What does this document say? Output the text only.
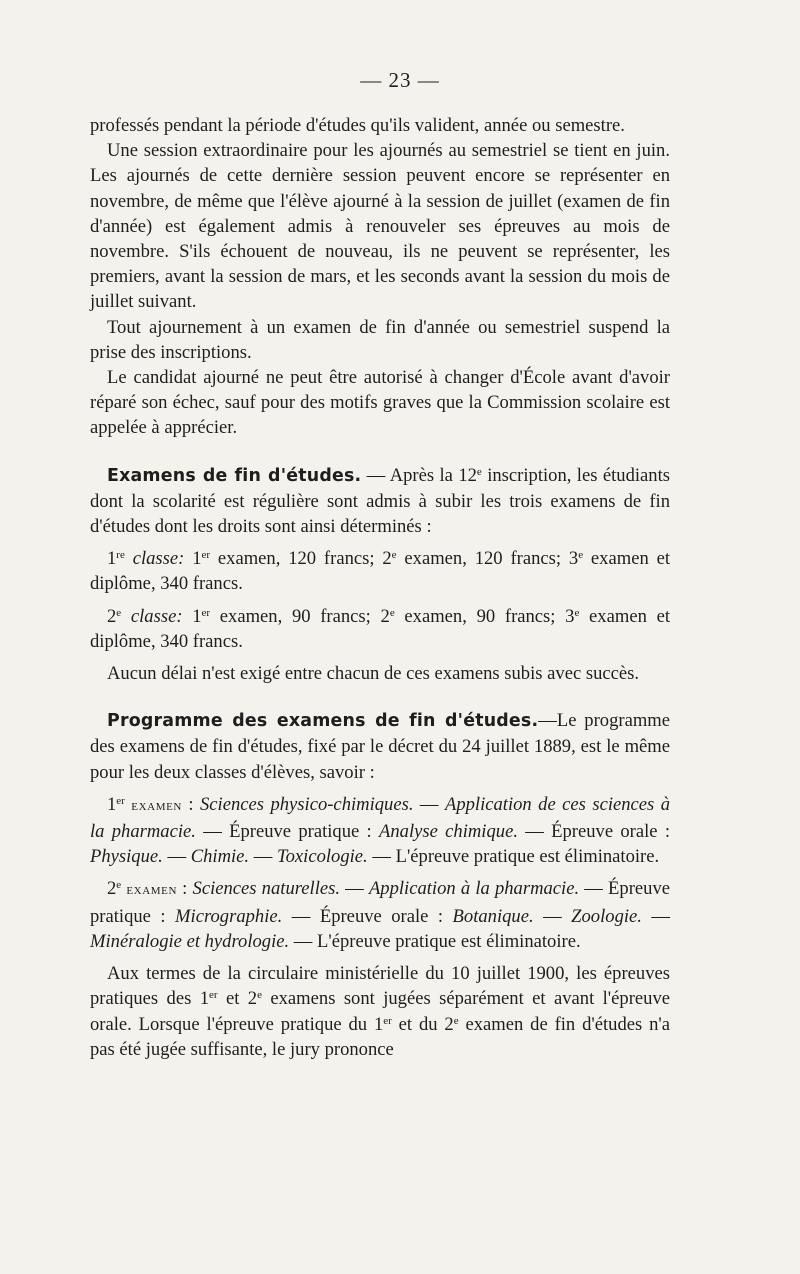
— 23 —

professés pendant la période d'études qu'ils valident, année ou semestre.

Une session extraordinaire pour les ajournés au semestriel se tient en juin. Les ajournés de cette dernière session peuvent encore se représenter en novembre, de même que l'élève ajourné à la session de juillet (examen de fin d'année) est également admis à renouveler ses épreuves au mois de novembre. S'ils échouent de nouveau, ils ne peuvent se représenter, les premiers, avant la session de mars, et les seconds avant la session du mois de juillet suivant.

Tout ajournement à un examen de fin d'année ou semestriel suspend la prise des inscriptions.

Le candidat ajourné ne peut être autorisé à changer d'École avant d'avoir réparé son échec, sauf pour des motifs graves que la Commission scolaire est appelée à apprécier.

Examens de fin d'études. — Après la 12e inscription, les étudiants dont la scolarité est régulière sont admis à subir les trois examens de fin d'études dont les droits sont ainsi déterminés :

1re classe: 1er examen, 120 francs; 2e examen, 120 francs; 3e examen et diplôme, 340 francs.

2e classe: 1er examen, 90 francs; 2e examen, 90 francs; 3e examen et diplôme, 340 francs.

Aucun délai n'est exigé entre chacun de ces examens subis avec succès.

Programme des examens de fin d'études.—Le programme des examens de fin d'études, fixé par le décret du 24 juillet 1889, est le même pour les deux classes d'élèves, savoir :

1er examen : Sciences physico-chimiques. — Application de ces sciences à la pharmacie. — Épreuve pratique : Analyse chimique. — Épreuve orale : Physique. — Chimie. — Toxicologie. — L'épreuve pratique est éliminatoire.

2e examen : Sciences naturelles. — Application à la pharmacie. — Épreuve pratique : Micrographie. — Épreuve orale : Botanique. — Zoologie. — Minéralogie et hydrologie. — L'épreuve pratique est éliminatoire.

Aux termes de la circulaire ministérielle du 10 juillet 1900, les épreuves pratiques des 1er et 2e examens sont jugées séparément et avant l'épreuve orale. Lorsque l'épreuve pratique du 1er et du 2e examen de fin d'études n'a pas été jugée suffisante, le jury prononce
